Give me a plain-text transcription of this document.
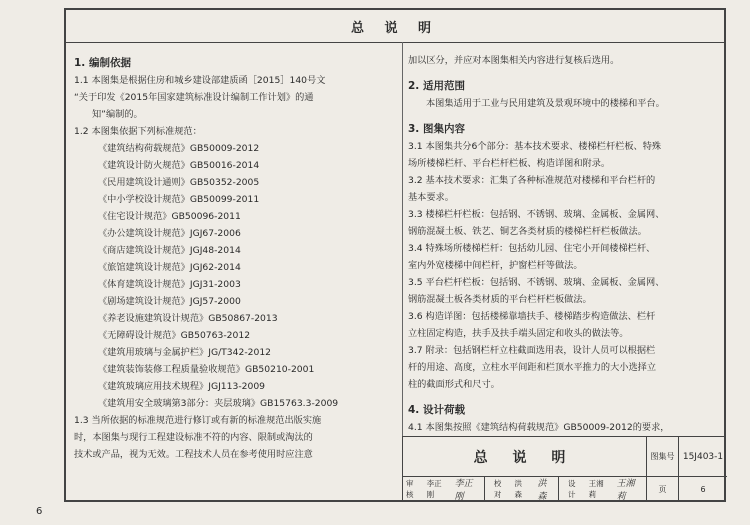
总 说 明
1. 编制依据
1.1 本图集是根据住房和城乡建设部建质函［2015］140号文
“关于印发《2015年国家建筑标准设计编制工作计划》的通
知”编制的。
1.2 本图集依据下列标准规范：
《建筑结构荷载规范》GB50009-2012
《建筑设计防火规范》GB50016-2014
《民用建筑设计通则》GB50352-2005
《中小学校设计规范》GB50099-2011
《住宅设计规范》GB50096-2011
《办公建筑设计规范》JGJ67-2006
《商店建筑设计规范》JGJ48-2014
《旅馆建筑设计规范》JGJ62-2014
《体育建筑设计规范》JGJ31-2003
《剧场建筑设计规范》JGJ57-2000
《养老设施建筑设计规范》GB50867-2013
《无障碍设计规范》GB50763-2012
《建筑用玻璃与金属护栏》JG/T342-2012
《建筑装饰装修工程质量验收规范》GB50210-2001
《建筑玻璃应用技术规程》JGJ113-2009
《建筑用安全玻璃第3部分：夹层玻璃》GB15763.3-2009
1.3 当所依据的标准规范进行修订或有新的标准规范出版实施
时，本图集与现行工程建设标准不符的内容、限制或淘汰的
技术或产品，视为无效。工程技术人员在参考使用时应注意
加以区分，并应对本图集相关内容进行复核后选用。
2. 适用范围
本图集适用于工业与民用建筑及景观环境中的楼梯和平台。
3. 图集内容
3.1 本图集共分6个部分：基本技术要求、楼梯栏杆栏板、特殊
场所楼梯栏杆、平台栏杆栏板、构造详图和附录。
3.2 基本技术要求：汇集了各种标准规范对楼梯和平台栏杆的
基本要求。
3.3 楼梯栏杆栏板：包括钢、不锈钢、玻璃、金属板、金属网、
钢筋混凝土板、铁艺、铜艺各类材质的楼梯栏杆栏板做法。
3.4 特殊场所楼梯栏杆：包括幼儿园、住宅小开间楼梯栏杆、
室内外宽楼梯中间栏杆，护窗栏杆等做法。
3.5 平台栏杆栏板：包括钢、不锈钢、玻璃、金属板、金属网、
钢筋混凝土板各类材质的平台栏杆栏板做法。
3.6 构造详图：包括楼梯靠墙扶手、楼梯踏步构造做法、栏杆
立柱固定构造，扶手及扶手端头固定和收头的做法等。
3.7 附录：包括钢栏杆立柱截面选用表，设计人员可以根据栏
杆的用途、高度，立柱水平间距和栏顶水平推力的大小选择立
柱的截面形式和尺寸。
4. 设计荷载
4.1 本图集按照《建筑结构荷载规范》GB50009-2012的要求，
总 说 明	图集号 15J403-1
审核
李正刚
李正刚
校对
洪 森
洪森
设计
王湘莉
王湘莉
页	6
6
